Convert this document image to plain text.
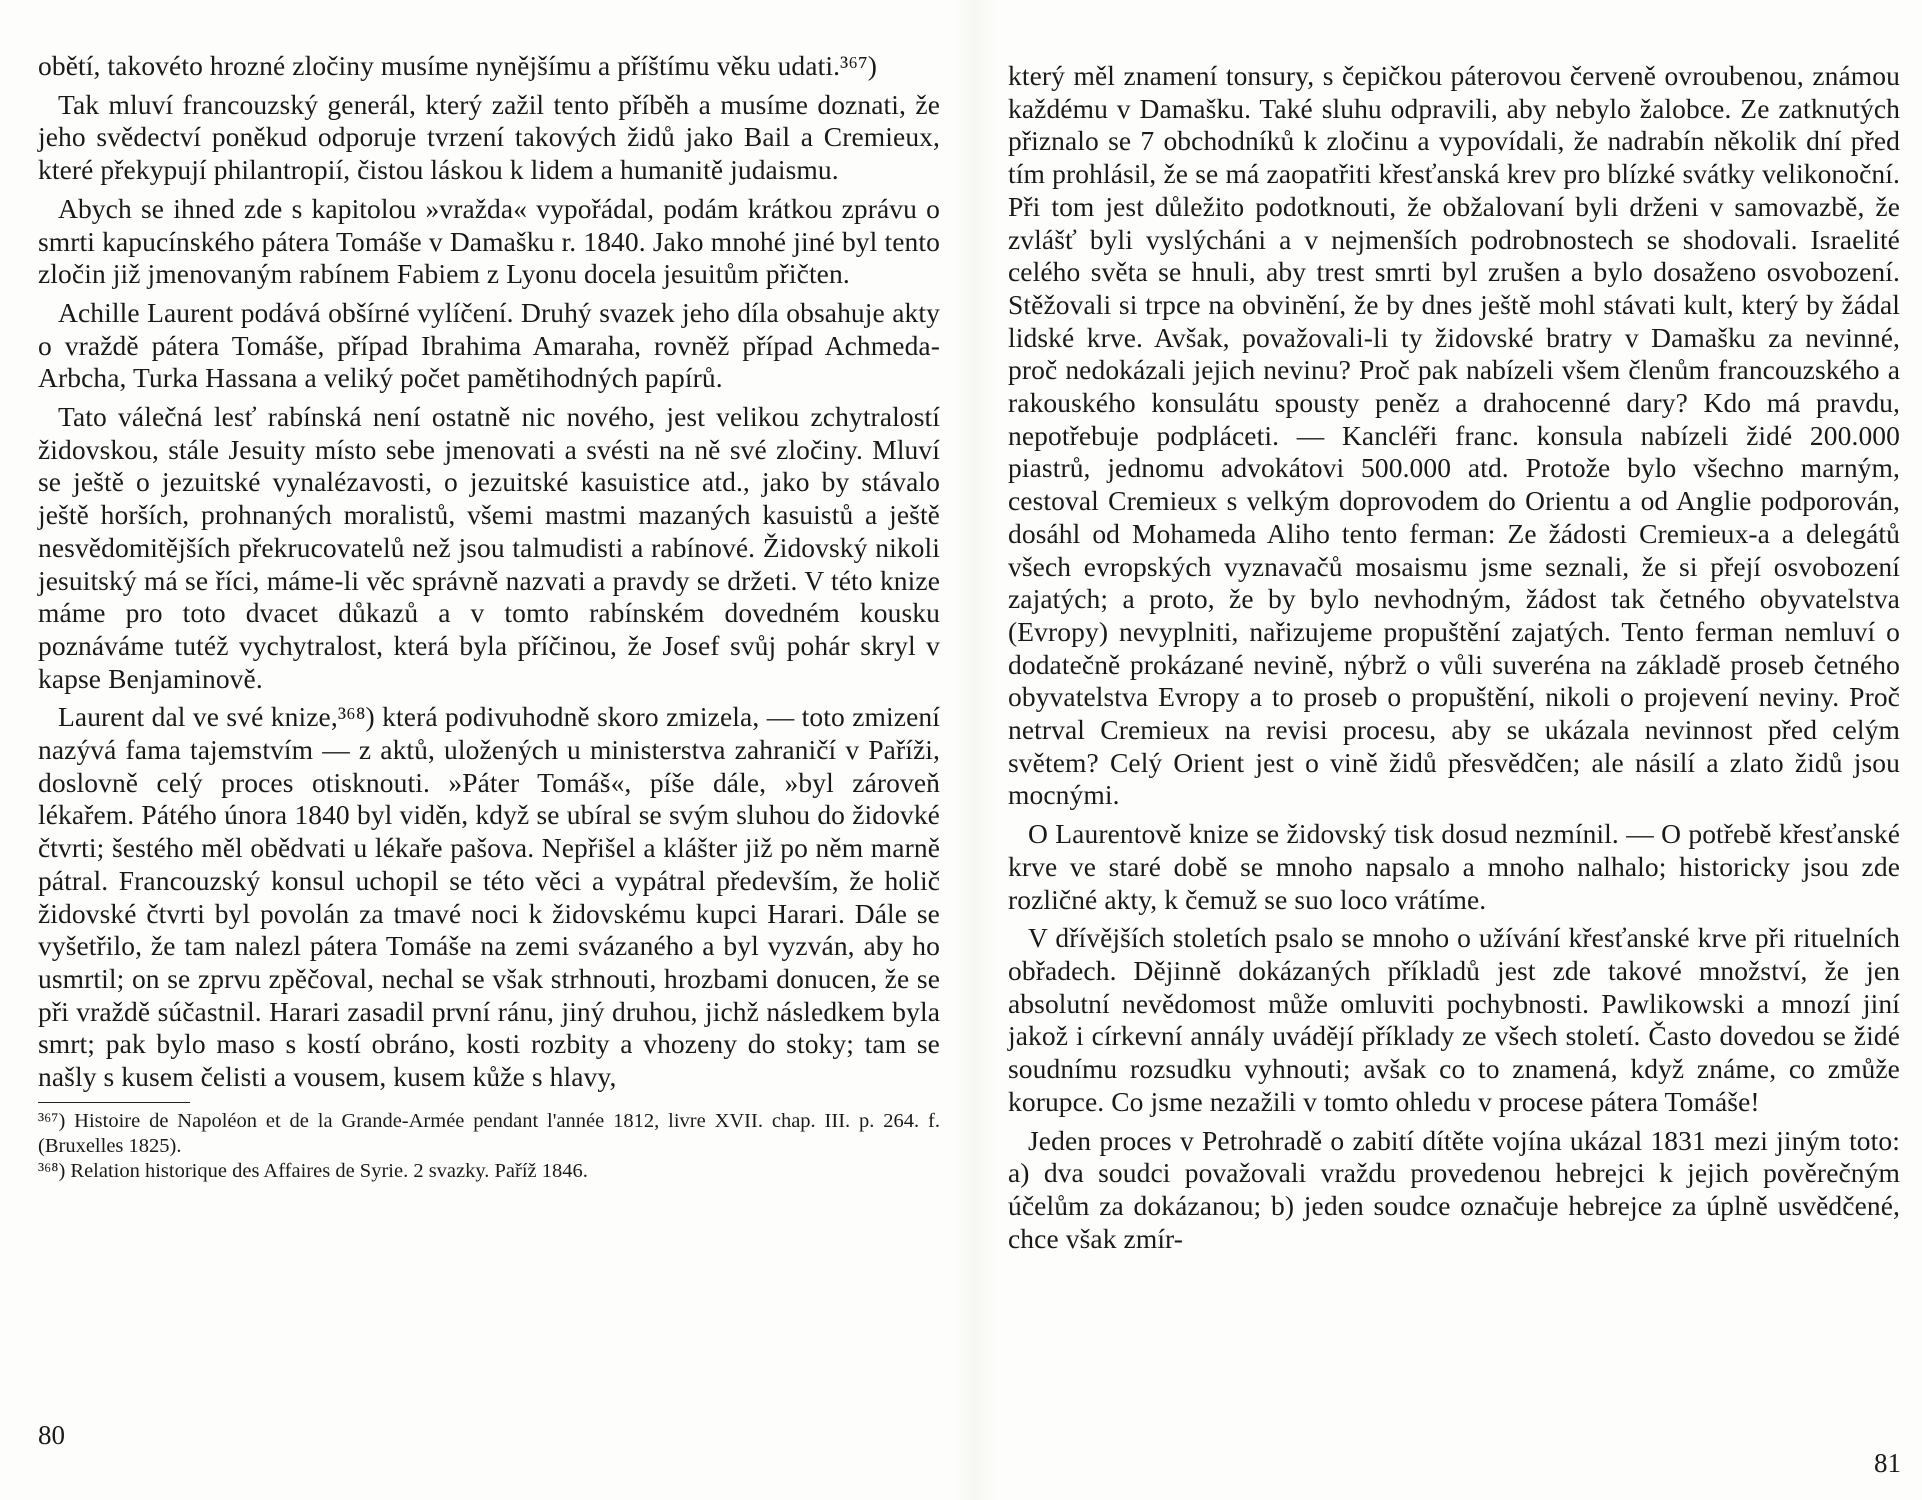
obětí, takovéto hrozné zločiny musíme nynějšímu a příštímu věku udati.³⁶⁷)

Tak mluví francouzský generál, který zažil tento příběh a musíme doznati, že jeho svědectví poněkud odporuje tvrzení takových židů jako Bail a Cremieux, které překypují philantropií, čistou láskou k lidem a humanitě judaismu.

Abych se ihned zde s kapitolou »vražda« vypořádal, podám krátkou zprávu o smrti kapucínského pátera Tomáše v Damašku r. 1840. Jako mnohé jiné byl tento zločin již jmenovaným rabínem Fabiem z Lyonu docela jesuitům přičten.

Achille Laurent podává obšírné vylíčení. Druhý svazek jeho díla obsahuje akty o vraždě pátera Tomáše, případ Ibrahima Amaraha, rovněž případ Achmeda-Arbcha, Turka Hassana a veliký počet pamětihodných papírů.

Tato válečná lesť rabínská není ostatně nic nového, jest velikou zchytralostí židovskou, stále Jesuity místo sebe jmenovati a svésti na ně své zločiny. Mluví se ještě o jezuitské vynalézavosti, o jezuitské kasuistice atd., jako by stávalo ještě horších, prohnaných moralistů, všemi mastmi mazaných kasuistů a ještě nesvědomitějších překrucovatelů než jsou talmudisti a rabínové. Židovský nikoli jesuitský má se říci, máme-li věc správně nazvati a pravdy se držeti. V této knize máme pro toto dvacet důkazů a v tomto rabínském dovedném kousku poznáváme tutéž vychytralost, která byla příčinou, že Josef svůj pohár skryl v kapse Benjaminově.

Laurent dal ve své knize,³⁶⁸) která podivuhodně skoro zmizela, — toto zmizení nazývá fama tajemstvím — z aktů, uložených u ministerstva zahraničí v Paříži, doslovně celý proces otisknouti. »Páter Tomáš«, píše dále, »byl zároveň lékařem. Pátého února 1840 byl viděn, když se ubíral se svým sluhou do židovké čtvrti; šestého měl obědvati u lékaře pašova. Nepřišel a klášter již po něm marně pátral. Francouzský konsul uchopil se této věci a vypátral především, že holič židovské čtvrti byl povolán za tmavé noci k židovskému kupci Harari. Dále se vyšetřilo, že tam nalezl pátera Tomáše na zemi svázaného a byl vyzván, aby ho usmrtil; on se zprvu zpěčoval, nechal se však strhnouti, hrozbami donucen, že se při vraždě súčastnil. Harari zasadil první ránu, jiný druhou, jichž následkem byla smrt; pak bylo maso s kostí obráno, kosti rozbity a vhozeny do stoky; tam se našly s kusem čelisti a vousem, kusem kůže s hlavy,

³⁶⁷) Histoire de Napoléon et de la Grande-Armée pendant l'année 1812, livre XVII. chap. III. p. 264. f. (Bruxelles 1825).

³⁶⁸) Relation historique des Affaires de Syrie. 2 svazky. Paříž 1846.

80

který měl znamení tonsury, s čepičkou páterovou červeně ovroubenou, známou každému v Damašku. Také sluhu odpravili, aby nebylo žalobce. Ze zatknutých přiznalo se 7 obchodníků k zločinu a vypovídali, že nadrabín několik dní před tím prohlásil, že se má zaopatřiti křesťanská krev pro blízké svátky velikonoční. Při tom jest důležito podotknouti, že obžalovaní byli drženi v samovazbě, že zvlášť byli vyslýcháni a v nejmenších podrobnostech se shodovali. Israelité celého světa se hnuli, aby trest smrti byl zrušen a bylo dosaženo osvobození. Stěžovali si trpce na obvinění, že by dnes ještě mohl stávati kult, který by žádal lidské krve. Avšak, považovali-li ty židovské bratry v Damašku za nevinné, proč nedokázali jejich nevinu? Proč pak nabízeli všem členům francouzského a rakouského konsulátu spousty peněz a drahocenné dary? Kdo má pravdu, nepotřebuje podpláceti. — Kancléři franc. konsula nabízeli židé 200.000 piastrů, jednomu advokátovi 500.000 atd. Protože bylo všechno marným, cestoval Cremieux s velkým doprovodem do Orientu a od Anglie podporován, dosáhl od Mohameda Aliho tento ferman: Ze žádosti Cremieux-a a delegátů všech evropských vyznavačů mosaismu jsme seznali, že si přejí osvobození zajatých; a proto, že by bylo nevhodným, žádost tak četného obyvatelstva (Evropy) nevyplniti, nařizujeme propuštění zajatých. Tento ferman nemluví o dodatečně prokázané nevině, nýbrž o vůli suveréna na základě proseb četného obyvatelstva Evropy a to proseb o propuštění, nikoli o projevení neviny. Proč netrval Cremieux na revisi procesu, aby se ukázala nevinnost před celým světem? Celý Orient jest o vině židů přesvědčen; ale násilí a zlato židů jsou mocnými.

O Laurentově knize se židovský tisk dosud nezmínil. — O potřebě křesťanské krve ve staré době se mnoho napsalo a mnoho nalhalo; historicky jsou zde rozličné akty, k čemuž se suo loco vrátíme.

V dřívějších stoletích psalo se mnoho o užívání křesťanské krve při rituelních obřadech. Dějinně dokázaných příkladů jest zde takové množství, že jen absolutní nevědomost může omluviti pochybnosti. Pawlikowski a mnozí jiní jakož i církevní annály uvádějí příklady ze všech století. Často dovedou se židé soudnímu rozsudku vyhnouti; avšak co to znamená, když známe, co zmůže korupce. Co jsme nezažili v tomto ohledu v procese pátera Tomáše!

Jeden proces v Petrohradě o zabití dítěte vojína ukázal 1831 mezi jiným toto: a) dva soudci považovali vraždu provedenou hebrejci k jejich pověrečným účelům za dokázanou; b) jeden soudce označuje hebrejce za úplně usvědčené, chce však zmír-

81
